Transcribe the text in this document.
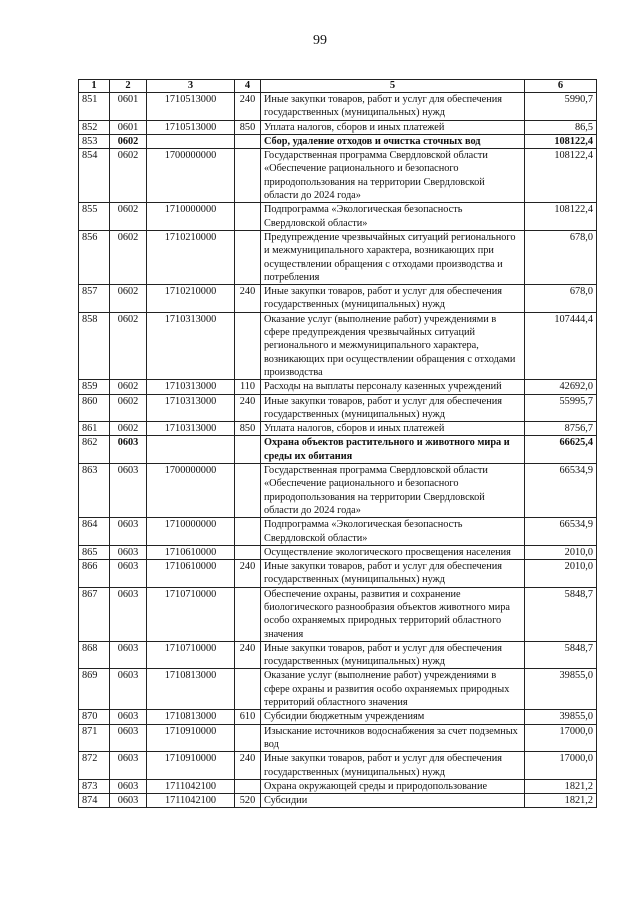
99
1	2	3	4	5	6
851	0601	1710513000	240	Иные закупки товаров, работ и услуг для обеспечения государственных (муниципальных) нужд	5990,7
852	0601	1710513000	850	Уплата налогов, сборов и иных платежей	86,5
853	0602			Сбор, удаление отходов и очистка сточных вод	108122,4
854	0602	1700000000		Государственная программа Свердловской области «Обеспечение рационального и безопасного природопользования на территории Свердловской области до 2024 года»	108122,4
855	0602	1710000000		Подпрограмма «Экологическая безопасность Свердловской области»	108122,4
856	0602	1710210000		Предупреждение чрезвычайных ситуаций регионального и межмуниципального характера, возникающих при осуществлении обращения с отходами производства и потребления	678,0
857	0602	1710210000	240	Иные закупки товаров, работ и услуг для обеспечения государственных (муниципальных) нужд	678,0
858	0602	1710313000		Оказание услуг (выполнение работ) учреждениями в сфере предупреждения чрезвычайных ситуаций регионального и межмуниципального характера, возникающих при осуществлении обращения с отходами производства	107444,4
859	0602	1710313000	110	Расходы на выплаты персоналу казенных учреждений	42692,0
860	0602	1710313000	240	Иные закупки товаров, работ и услуг для обеспечения государственных (муниципальных) нужд	55995,7
861	0602	1710313000	850	Уплата налогов, сборов и иных платежей	8756,7
862	0603			Охрана объектов растительного и животного мира и среды их обитания	66625,4
863	0603	1700000000		Государственная программа Свердловской области «Обеспечение рационального и безопасного природопользования на территории Свердловской области до 2024 года»	66534,9
864	0603	1710000000		Подпрограмма «Экологическая безопасность Свердловской области»	66534,9
865	0603	1710610000		Осуществление экологического просвещения населения	2010,0
866	0603	1710610000	240	Иные закупки товаров, работ и услуг для обеспечения государственных (муниципальных) нужд	2010,0
867	0603	1710710000		Обеспечение охраны, развития и сохранение биологического разнообразия объектов животного мира особо охраняемых природных территорий областного значения	5848,7
868	0603	1710710000	240	Иные закупки товаров, работ и услуг для обеспечения государственных (муниципальных) нужд	5848,7
869	0603	1710813000		Оказание услуг (выполнение работ) учреждениями в сфере охраны и развития особо охраняемых природных территорий областного значения	39855,0
870	0603	1710813000	610	Субсидии бюджетным учреждениям	39855,0
871	0603	1710910000		Изыскание источников водоснабжения за счет подземных вод	17000,0
872	0603	1710910000	240	Иные закупки товаров, работ и услуг для обеспечения государственных (муниципальных) нужд	17000,0
873	0603	1711042100		Охрана окружающей среды и природопользование	1821,2
874	0603	1711042100	520	Субсидии	1821,2
